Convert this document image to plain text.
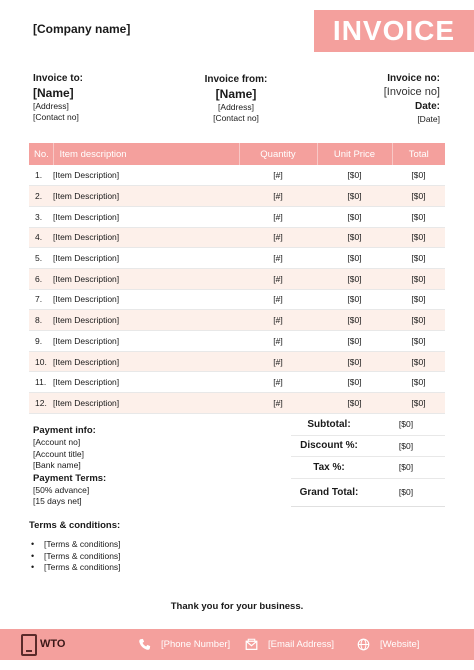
[Company name]	INVOICE
Invoice to:
[Name]
[Address]
[Contact no]
Invoice from:
[Name]
[Address]
[Contact no]
Invoice no:
[Invoice no]
Date:
[Date]
No.	Item description	Quantity	Unit Price	Total
1.	[Item Description]	[#]	[$0]	[$0]
2.	[Item Description]	[#]	[$0]	[$0]
3.	[Item Description]	[#]	[$0]	[$0]
4.	[Item Description]	[#]	[$0]	[$0]
5.	[Item Description]	[#]	[$0]	[$0]
6.	[Item Description]	[#]	[$0]	[$0]
7.	[Item Description]	[#]	[$0]	[$0]
8.	[Item Description]	[#]	[$0]	[$0]
9.	[Item Description]	[#]	[$0]	[$0]
10.	[Item Description]	[#]	[$0]	[$0]
11.	[Item Description]	[#]	[$0]	[$0]
12.	[Item Description]	[#]	[$0]	[$0]
Payment info:
[Account no]
[Account title]
[Bank name]
Payment Terms:
[50% advance]
[15 days net]
Subtotal:	[$0]
Discount %:	[$0]
Tax %:	[$0]
Grand Total:	[$0]
Terms & conditions:
• [Terms & conditions]
• [Terms & conditions]
• [Terms & conditions]
Thank you for your business.
WTO	[Phone Number]	[Email Address]	[Website]
